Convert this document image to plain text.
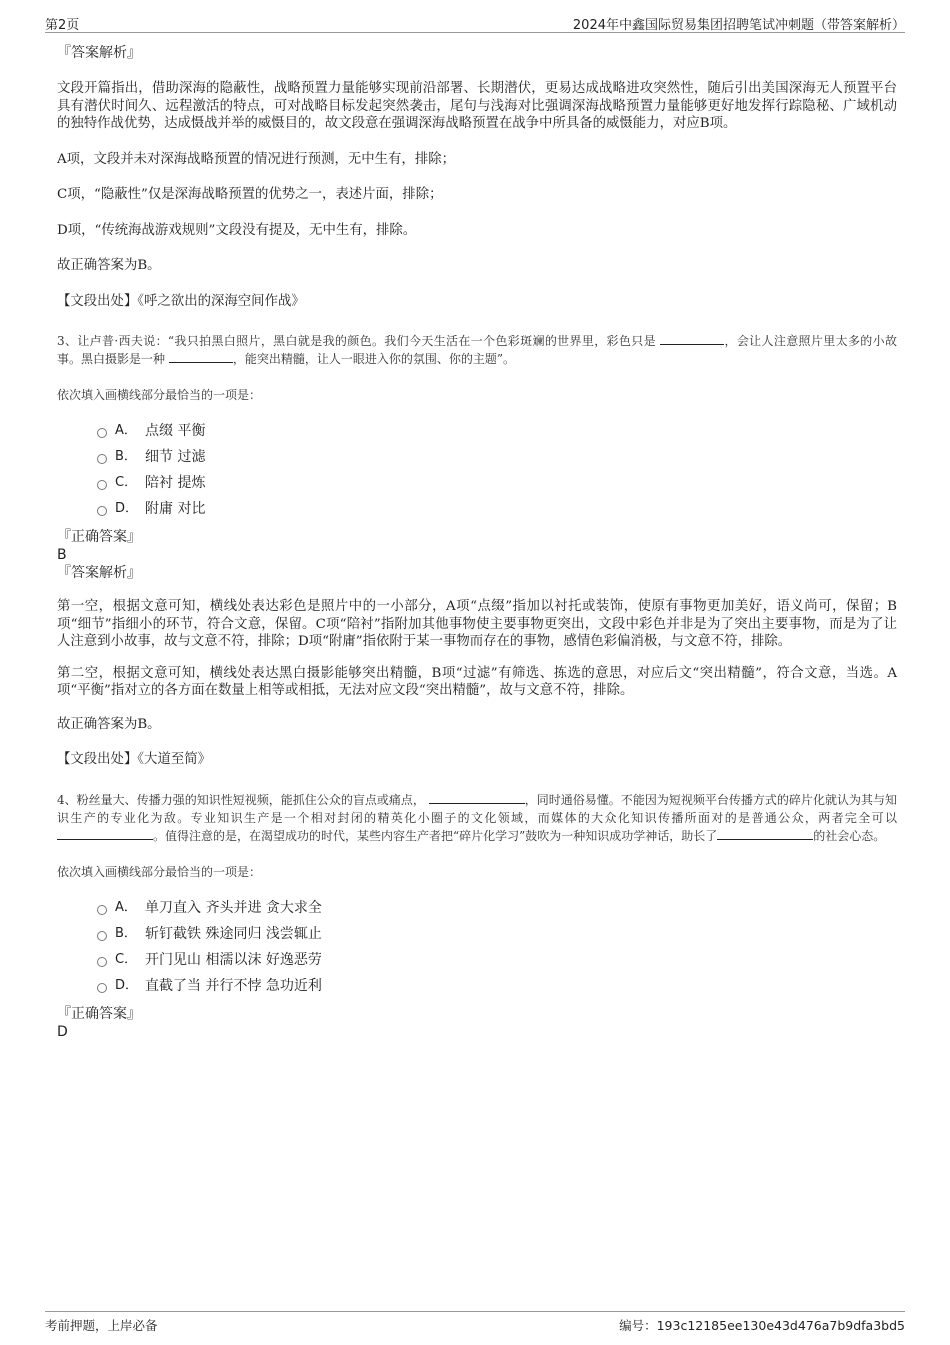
第2页	2024年中鑫国际贸易集团招聘笔试冲刺题（带答案解析）
『答案解析』

文段开篇指出，借助深海的隐蔽性，战略预置力量能够实现前沿部署、长期潜伏，更易达成战略进攻突然性，随后引出美国深海无人预置平台具有潜伏时间久、远程激活的特点，可对战略目标发起突然袭击，尾句与浅海对比强调深海战略预置力量能够更好地发挥行踪隐秘、广域机动的独特作战优势，达成慑战并举的威慑目的，故文段意在强调深海战略预置在战争中所具备的威慑能力，对应B项。

A项，文段并未对深海战略预置的情况进行预测，无中生有，排除；

C项，“隐蔽性”仅是深海战略预置的优势之一，表述片面，排除；

D项，“传统海战游戏规则”文段没有提及，无中生有，排除。

故正确答案为B。

【文段出处】《呼之欲出的深海空间作战》

3、让卢普·西夫说：“我只拍黑白照片，黑白就是我的颜色。我们今天生活在一个色彩斑斓的世界里，彩色只是	，会让人注意照片里太多的小故事。黑白摄影是一种	，能突出精髓，让人一眼进入你的氛围、你的主题”。

依次填入画横线部分最恰当的一项是：

A． 点缀 平衡
B． 细节 过滤
C． 陪衬 提炼
D． 附庸 对比
『正确答案』
B
『答案解析』

第一空，根据文意可知，横线处表达彩色是照片中的一小部分，A项“点缀”指加以衬托或装饰，使原有事物更加美好，语义尚可，保留；B项“细节”指细小的环节，符合文意，保留。C项“陪衬”指附加其他事物使主要事物更突出，文段中彩色并非是为了突出主要事物，而是为了让人注意到小故事，故与文意不符，排除；D项“附庸”指依附于某一事物而存在的事物，感情色彩偏消极，与文意不符，排除。

第二空，根据文意可知，横线处表达黑白摄影能够突出精髓，B项“过滤”有筛选、拣选的意思，对应后文“突出精髓”，符合文意，当选。A项“平衡”指对立的各方面在数量上相等或相抵，无法对应文段“突出精髓”，故与文意不符，排除。

故正确答案为B。

【文段出处】《大道至简》

4、粉丝量大、传播力强的知识性短视频，能抓住公众的盲点或痛点，	，同时通俗易懂。不能因为短视频平台传播方式的碎片化就认为其与知识生产的专业化为敌。专业知识生产是一个相对封闭的精英化小圈子的文化领域，而媒体的大众化知识传播所面对的是普通公众，两者完全可以 。值得注意的是，在渴望成功的时代，某些内容生产者把“碎片化学习”鼓吹为一种知识成功学神话，助长了	的社会心态。

依次填入画横线部分最恰当的一项是：

A． 单刀直入 齐头并进 贪大求全
B． 斩钉截铁 殊途同归 浅尝辄止
C． 开门见山 相濡以沫 好逸恶劳
D． 直截了当 并行不悖 急功近利
『正确答案』
D
考前押题，上岸必备	编号：193c12185ee130e43d476a7b9dfa3bd5
